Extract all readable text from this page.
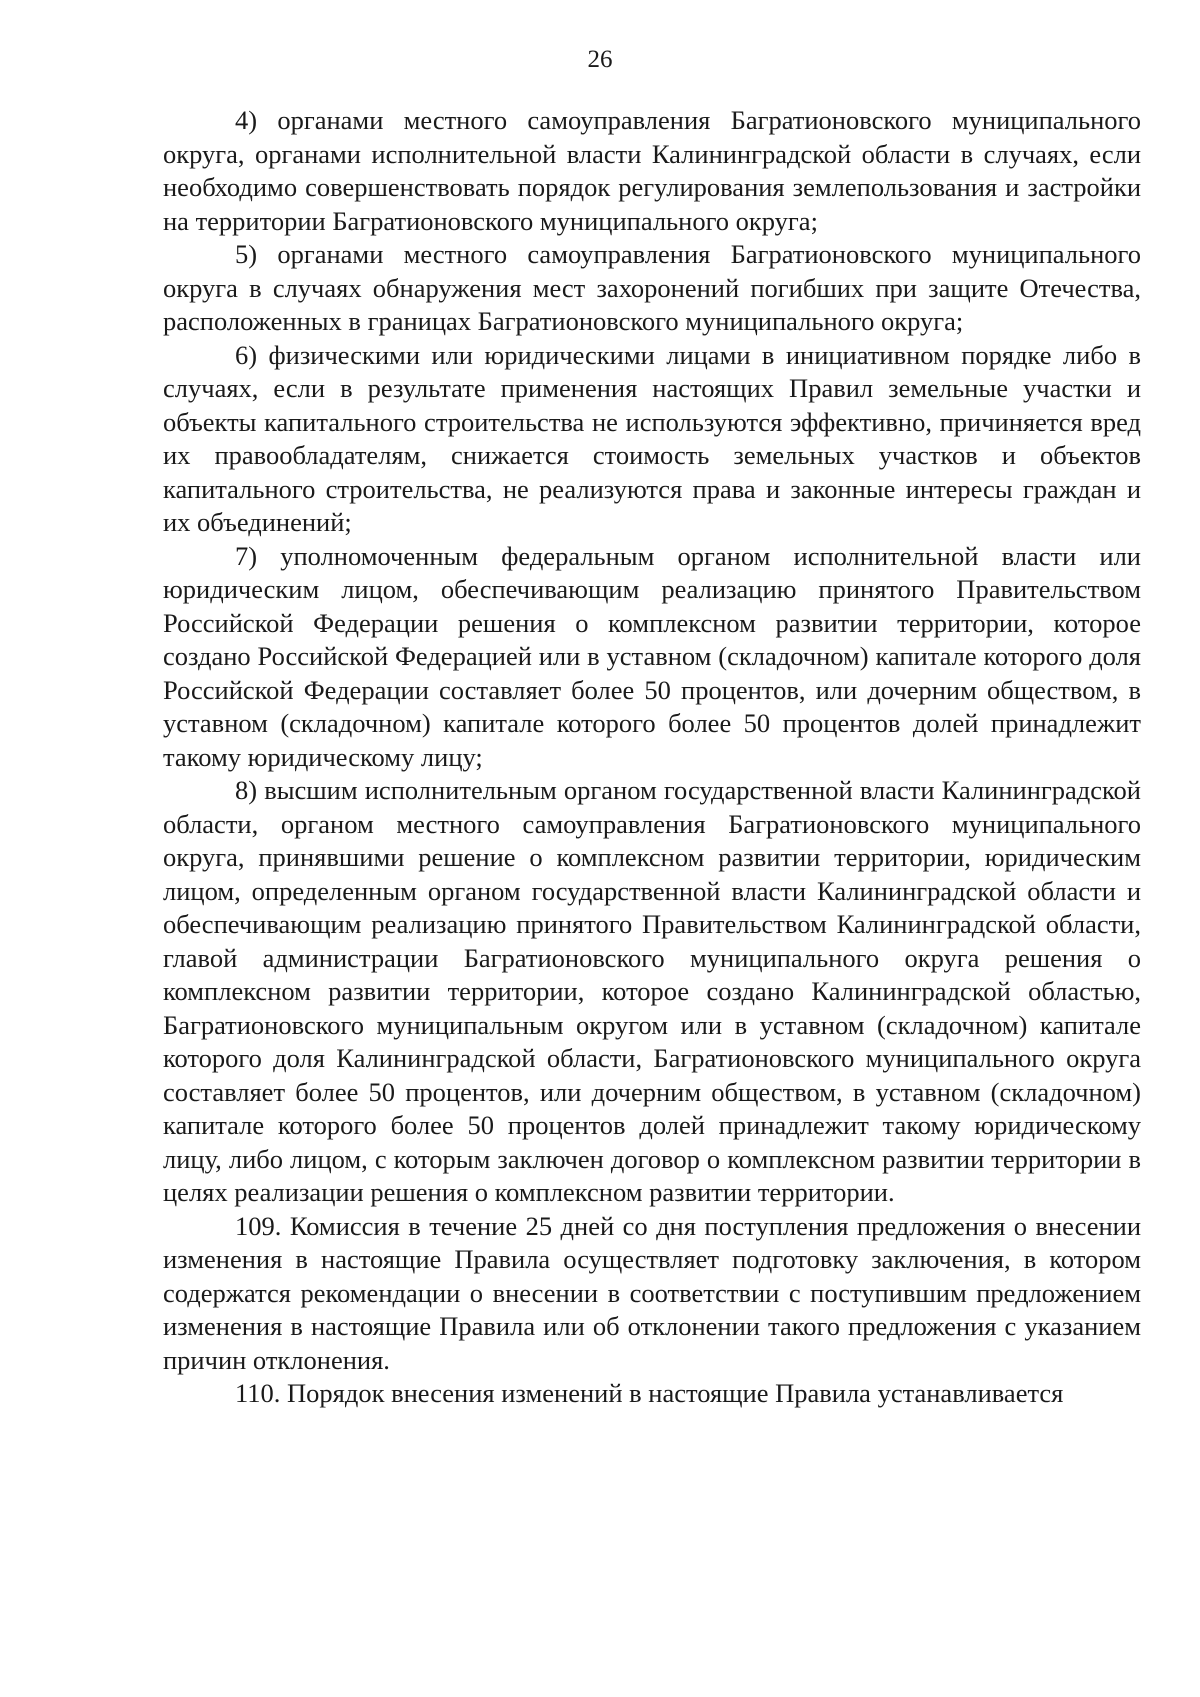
26

4) органами местного самоуправления Багратионовского муниципального округа, органами исполнительной власти Калининградской области в случаях, если необходимо совершенствовать порядок регулирования землепользования и застройки на территории Багратионовского муниципального округа;

5) органами местного самоуправления Багратионовского муниципального округа в случаях обнаружения мест захоронений погибших при защите Отечества, расположенных в границах Багратионовского муниципального округа;

6) физическими или юридическими лицами в инициативном порядке либо в случаях, если в результате применения настоящих Правил земельные участки и объекты капитального строительства не используются эффективно, причиняется вред их правообладателям, снижается стоимость земельных участков и объектов капитального строительства, не реализуются права и законные интересы граждан и их объединений;

7) уполномоченным федеральным органом исполнительной власти или юридическим лицом, обеспечивающим реализацию принятого Правительством Российской Федерации решения о комплексном развитии территории, которое создано Российской Федерацией или в уставном (складочном) капитале которого доля Российской Федерации составляет более 50 процентов, или дочерним обществом, в уставном (складочном) капитале которого более 50 процентов долей принадлежит такому юридическому лицу;

8) высшим исполнительным органом государственной власти Калининградской области, органом местного самоуправления Багратионовского муниципального округа, принявшими решение о комплексном развитии территории, юридическим лицом, определенным органом государственной власти Калининградской области и обеспечивающим реализацию принятого Правительством Калининградской области, главой администрации Багратионовского муниципального округа решения о комплексном развитии территории, которое создано Калининградской областью, Багратионовского муниципальным округом или в уставном (складочном) капитале которого доля Калининградской области, Багратионовского муниципального округа составляет более 50 процентов, или дочерним обществом, в уставном (складочном) капитале которого более 50 процентов долей принадлежит такому юридическому лицу, либо лицом, с которым заключен договор о комплексном развитии территории в целях реализации решения о комплексном развитии территории.

109. Комиссия в течение 25 дней со дня поступления предложения о внесении изменения в настоящие Правила осуществляет подготовку заключения, в котором содержатся рекомендации о внесении в соответствии с поступившим предложением изменения в настоящие Правила или об отклонении такого предложения с указанием причин отклонения.

110. Порядок внесения изменений в настоящие Правила устанавливается
